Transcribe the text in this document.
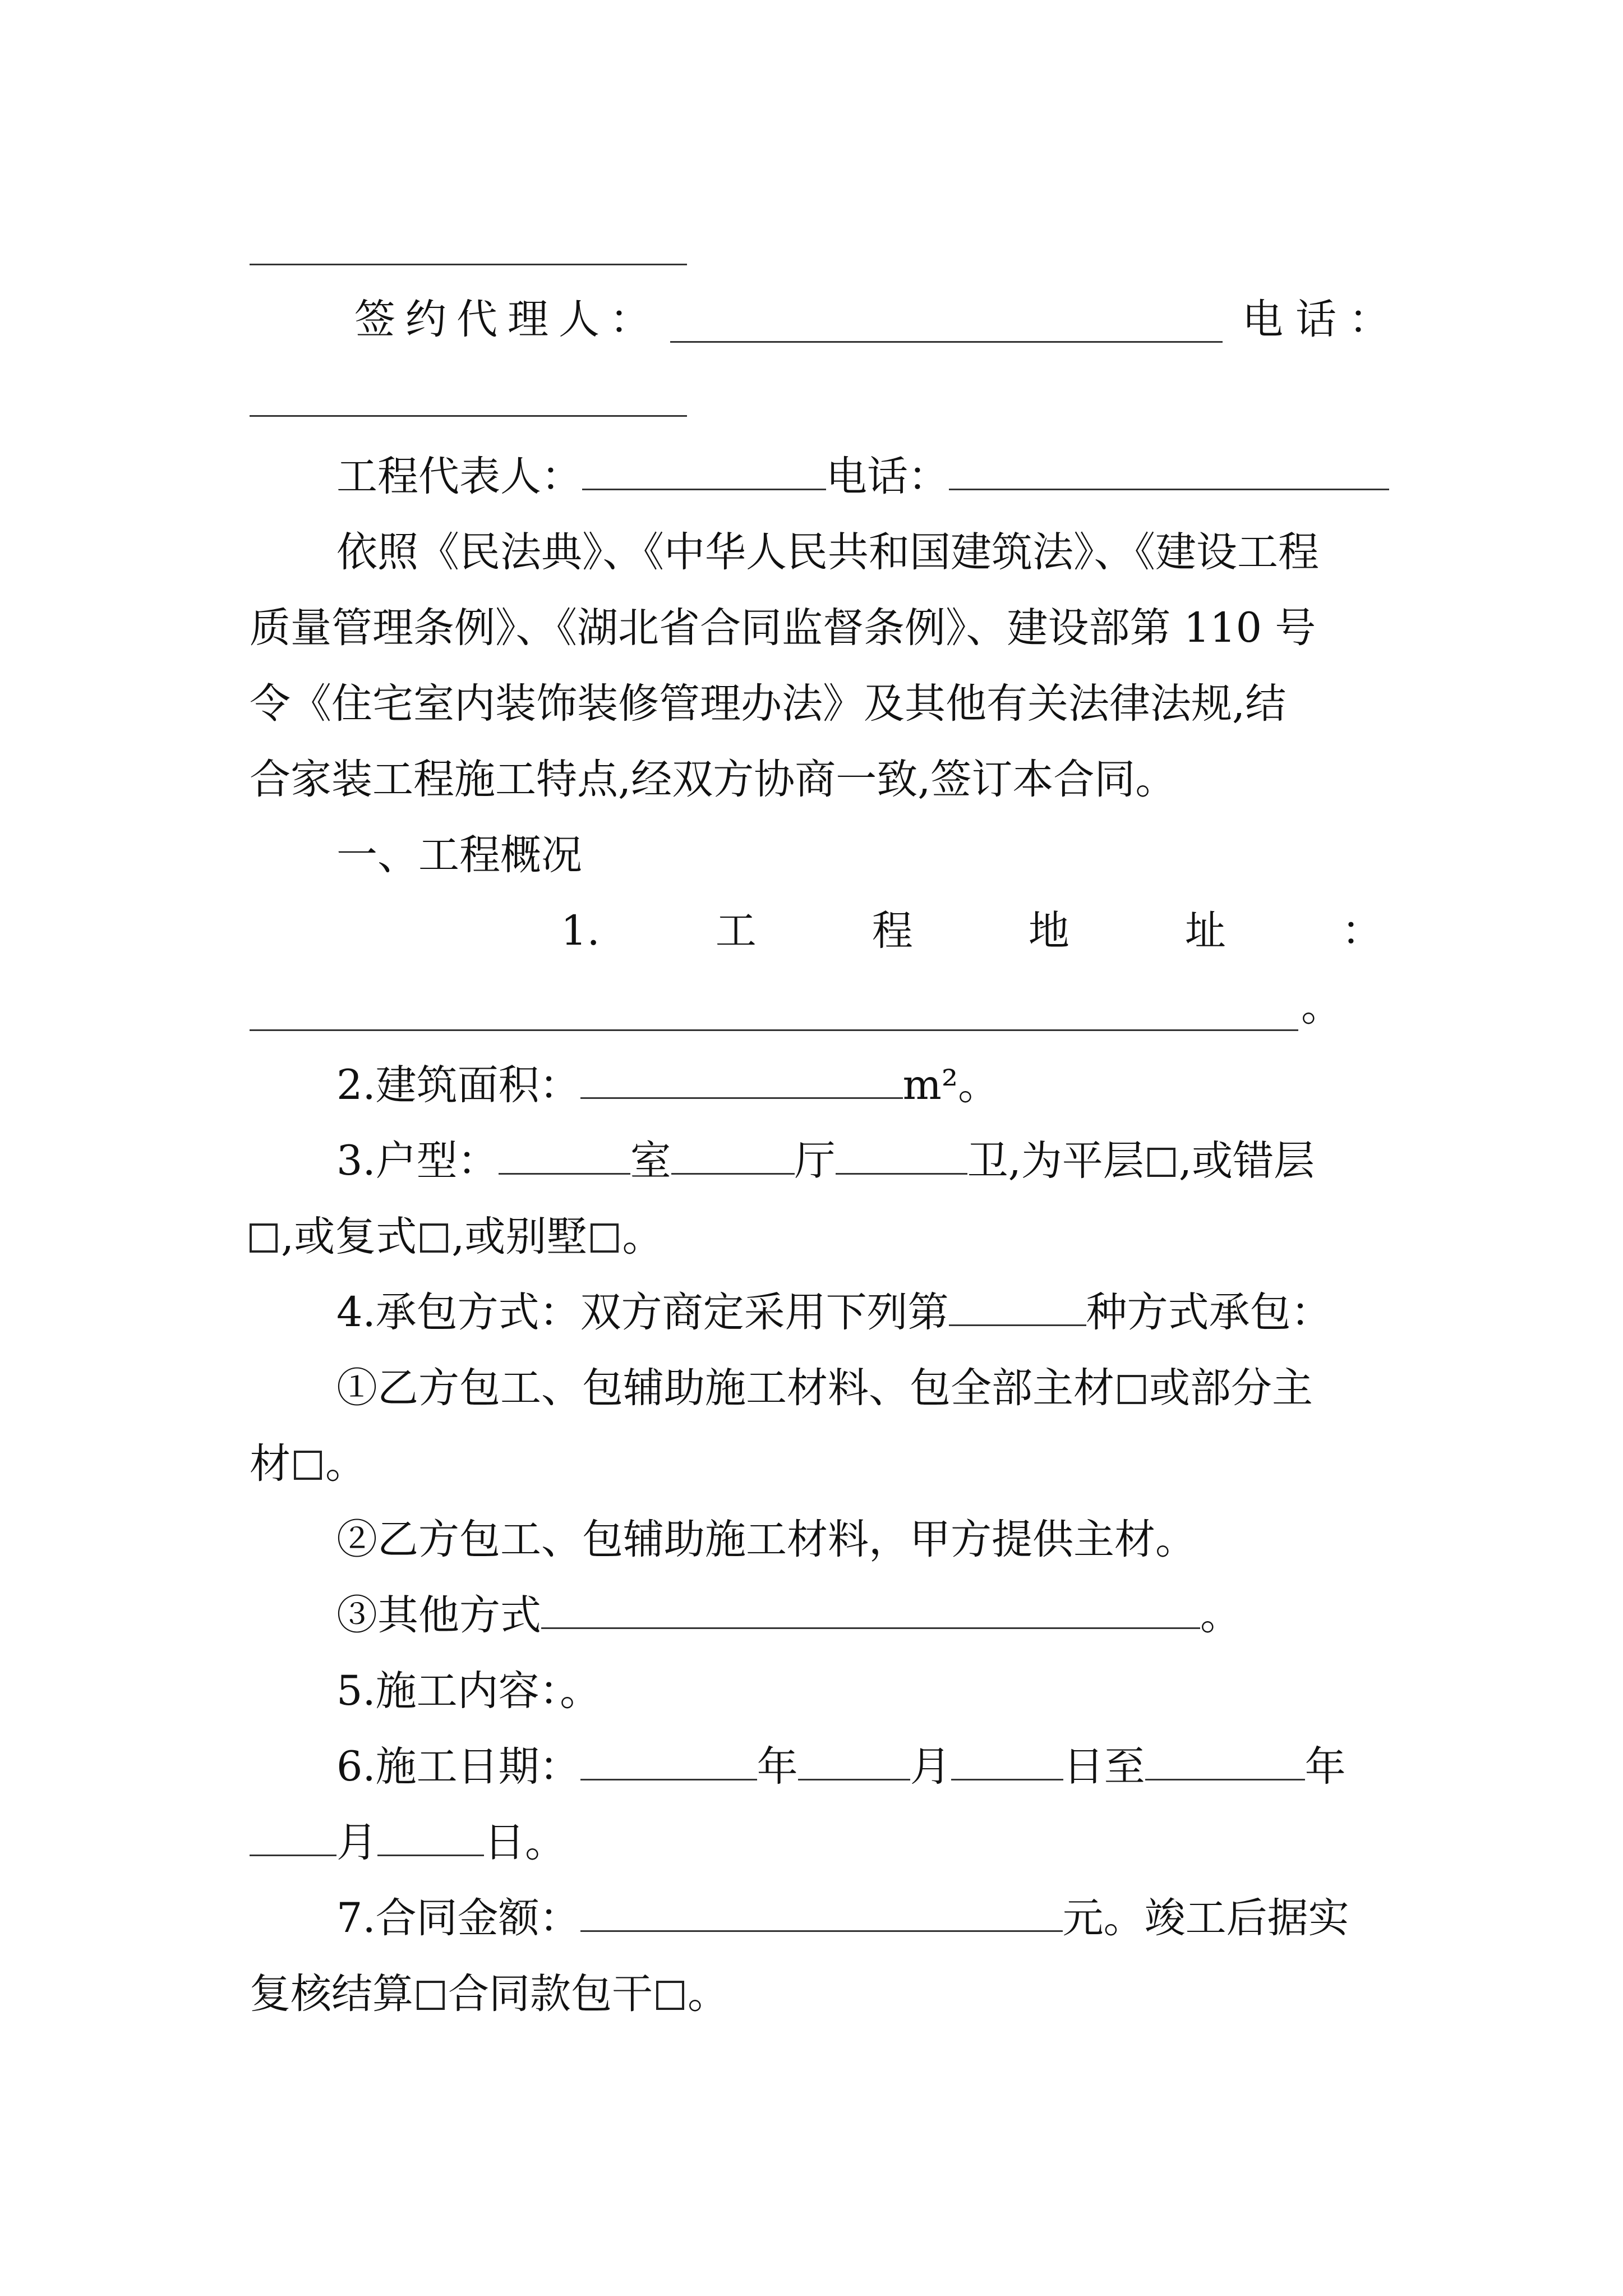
签约代理人：	电话：
工程代表人：	电话：
依照《民法典》、《中华人民共和国建筑法》、《建设工程
质量管理条例》、《湖北省合同监督条例》、建设部第 110 号
令《住宅室内装饰装修管理办法》及其他有关法律法规,结
合家装工程施工特点,经双方协商一致,签订本合同。
一、工程概况
1.	工	程	地	址	：
。
2.建筑面积：	m²。
3.户型：	室	厅	卫,为平层 ,或错层
,或复式 ,或别墅 。
4.承包方式：双方商定采用下列第	种方式承包：
①乙方包工、包辅助施工材料、包全部主材 或部分主
材 。
②乙方包工、包辅助施工材料，甲方提供主材。
③其他方式	。
5.施工内容：。
6.施工日期：	年	月	日至	年
月	日。
7.合同金额：	元。竣工后据实
复核结算 合同款包干 。
